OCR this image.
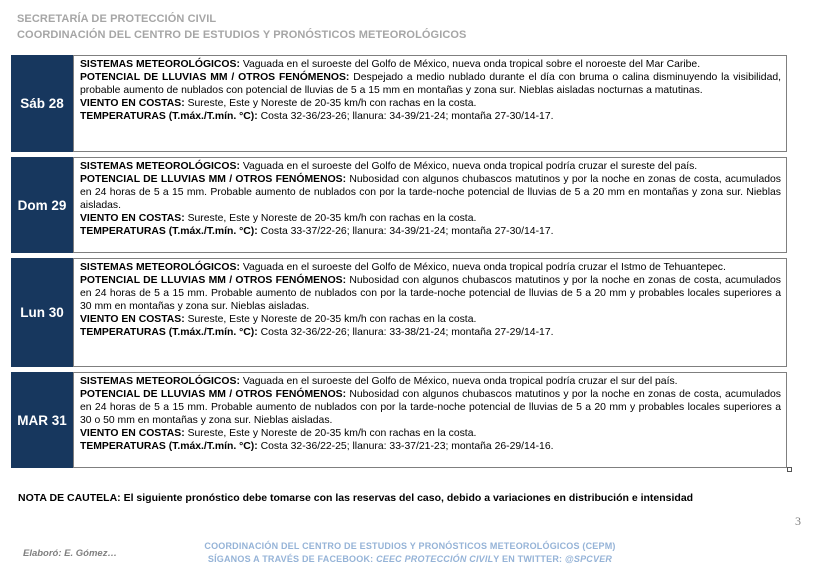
SECRETARÍA DE PROTECCIÓN CIVIL
COORDINACIÓN DEL CENTRO DE ESTUDIOS Y PRONÓSTICOS METEOROLÓGICOS
Sáb 28

SISTEMAS METEOROLÓGICOS: Vaguada en el suroeste del Golfo de México, nueva onda tropical sobre el noroeste del Mar Caribe.

POTENCIAL DE LLUVIAS MM / OTROS FENÓMENOS: Despejado a medio nublado durante el día con bruma o calina disminuyendo la visibilidad, probable aumento de nublados con potencial de lluvias de 5 a 15 mm en montañas y zona sur. Nieblas aisladas nocturnas a matutinas.

VIENTO EN COSTAS: Sureste, Este y Noreste de 20-35 km/h con rachas en la costa.

TEMPERATURAS (T.máx./T.mín. °C): Costa 32-36/23-26; llanura: 34-39/21-24; montaña 27-30/14-17.

Dom 29

SISTEMAS METEOROLÓGICOS: Vaguada en el suroeste del Golfo de México, nueva onda tropical podría cruzar el sureste del país.

POTENCIAL DE LLUVIAS MM / OTROS FENÓMENOS: Nubosidad con algunos chubascos matutinos y por la noche en zonas de costa, acumulados en 24 horas de 5 a 15 mm. Probable aumento de nublados con por la tarde-noche potencial de lluvias de 5 a 20 mm en montañas y zona sur. Nieblas aisladas.

VIENTO EN COSTAS: Sureste, Este y Noreste de 20-35 km/h con rachas en la costa.

TEMPERATURAS (T.máx./T.mín. °C): Costa 33-37/22-26; llanura: 34-39/21-24; montaña 27-30/14-17.

Lun 30

SISTEMAS METEOROLÓGICOS: Vaguada en el suroeste del Golfo de México, nueva onda tropical podría cruzar el Istmo de Tehuantepec.

POTENCIAL DE LLUVIAS MM / OTROS FENÓMENOS: Nubosidad con algunos chubascos matutinos y por la noche en zonas de costa, acumulados en 24 horas de 5 a 15 mm. Probable aumento de nublados con por la tarde-noche potencial de lluvias de 5 a 20 mm y probables locales superiores a 30 mm en montañas y zona sur. Nieblas aisladas.

VIENTO EN COSTAS: Sureste, Este y Noreste de 20-35 km/h con rachas en la costa.

TEMPERATURAS (T.máx./T.mín. °C): Costa 32-36/22-26; llanura: 33-38/21-24; montaña 27-29/14-17.

MAR 31

SISTEMAS METEOROLÓGICOS: Vaguada en el suroeste del Golfo de México, nueva onda tropical podría cruzar el sur del país.

POTENCIAL DE LLUVIAS MM / OTROS FENÓMENOS: Nubosidad con algunos chubascos matutinos y por la noche en zonas de costa, acumulados en 24 horas de 5 a 15 mm. Probable aumento de nublados con por la tarde-noche potencial de lluvias de 5 a 20 mm y probables locales superiores a 30 o 50 mm en montañas y zona sur. Nieblas aisladas.

VIENTO EN COSTAS: Sureste, Este y Noreste de 20-35 km/h con rachas en la costa.

TEMPERATURAS (T.máx./T.mín. °C): Costa 32-36/22-25; llanura: 33-37/21-23; montaña 26-29/14-16.

NOTA DE CAUTELA: El siguiente pronóstico debe tomarse con las reservas del caso, debido a variaciones en distribución e intensidad
3
Elaboró: E. Gómez…
COORDINACIÓN DEL CENTRO DE ESTUDIOS Y PRONÓSTICOS METEOROLÓGICOS (CEPM)
SÍGANOS A TRAVÉS DE FACEBOOK: CEEC PROTECCIÓN CIVILY EN TWITTER: @SPCVER
